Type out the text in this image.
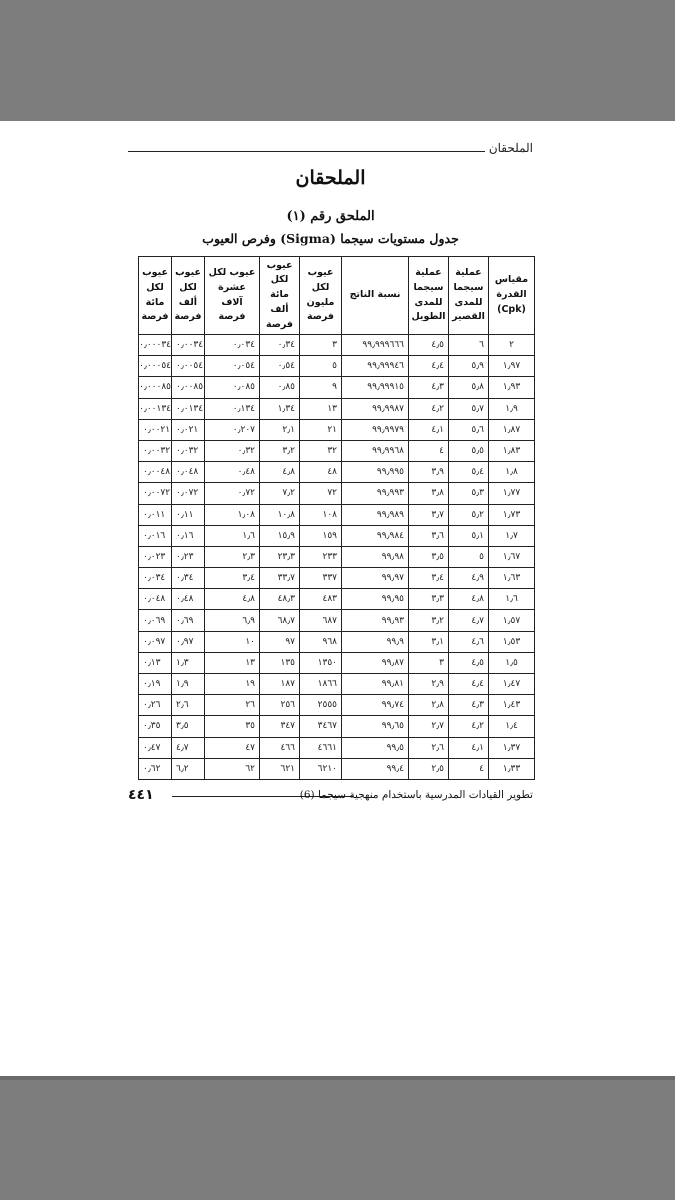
الملحقان
الملحقان
الملحق رقم (١)
جدول مستويات سيجما (Sigma) وفرص العيوب
مقياس القدرة (Cpk)	عملية سيجما للمدى القصير	عملية سيجما للمدى الطويل	نسبة الناتج	عيوب لكل مليون فرصة	عيوب لكل مائة ألف فرصة	عيوب لكل عشرة آلاف فرصة	عيوب لكل ألف فرصة	عيوب لكل مائة فرصة
٢	٦	٤٫٥	٩٩٫٩٩٩٦٦٦	٣	٠٫٣٤	٠٫٠٣٤	٠٫٠٠٣٤	٠٫٠٠٠٣٤
١٫٩٧	٥٫٩	٤٫٤	٩٩٫٩٩٩٤٦	٥	٠٫٥٤	٠٫٠٥٤	٠٫٠٠٥٤	٠٫٠٠٠٥٤
١٫٩٣	٥٫٨	٤٫٣	٩٩٫٩٩٩١٥	٩	٠٫٨٥	٠٫٠٨٥	٠٫٠٠٨٥	٠٫٠٠٠٨٥
١٫٩	٥٫٧	٤٫٢	٩٩٫٩٩٨٧	١٣	١٫٣٤	٠٫١٣٤	٠٫٠١٣٤	٠٫٠٠١٣٤
١٫٨٧	٥٫٦	٤٫١	٩٩٫٩٩٧٩	٢١	٢٫١	٠٫٢٠٧	٠٫٠٢١	٠٫٠٠٢١
١٫٨٣	٥٫٥	٤	٩٩٫٩٩٦٨	٣٢	٣٫٢	٠٫٣٢	٠٫٠٣٢	٠٫٠٠٣٢
١٫٨	٥٫٤	٣٫٩	٩٩٫٩٩٥	٤٨	٤٫٨	٠٫٤٨	٠٫٠٤٨	٠٫٠٠٤٨
١٫٧٧	٥٫٣	٣٫٨	٩٩٫٩٩٣	٧٢	٧٫٢	٠٫٧٢	٠٫٠٧٢	٠٫٠٠٧٢
١٫٧٣	٥٫٢	٣٫٧	٩٩٫٩٨٩	١٠٨	١٠٫٨	١٫٠٨	٠٫١١	٠٫٠١١
١٫٧	٥٫١	٣٫٦	٩٩٫٩٨٤	١٥٩	١٥٫٩	١٫٦	٠٫١٦	٠٫٠١٦
١٫٦٧	٥	٣٫٥	٩٩٫٩٨	٢٣٣	٢٣٫٣	٢٫٣	٠٫٢٣	٠٫٠٢٣
١٫٦٣	٤٫٩	٣٫٤	٩٩٫٩٧	٣٣٧	٣٣٫٧	٣٫٤	٠٫٣٤	٠٫٠٣٤
١٫٦	٤٫٨	٣٫٣	٩٩٫٩٥	٤٨٣	٤٨٫٣	٤٫٨	٠٫٤٨	٠٫٠٤٨
١٫٥٧	٤٫٧	٣٫٢	٩٩٫٩٣	٦٨٧	٦٨٫٧	٦٫٩	٠٫٦٩	٠٫٠٦٩
١٫٥٣	٤٫٦	٣٫١	٩٩٫٩	٩٦٨	٩٧	١٠	٠٫٩٧	٠٫٠٩٧
١٫٥	٤٫٥	٣	٩٩٫٨٧	١٣٥٠	١٣٥	١٣	١٫٣	٠٫١٣
١٫٤٧	٤٫٤	٢٫٩	٩٩٫٨١	١٨٦٦	١٨٧	١٩	١٫٩	٠٫١٩
١٫٤٣	٤٫٣	٢٫٨	٩٩٫٧٤	٢٥٥٥	٢٥٦	٢٦	٢٫٦	٠٫٢٦
١٫٤	٤٫٢	٢٫٧	٩٩٫٦٥	٣٤٦٧	٣٤٧	٣٥	٣٫٥	٠٫٣٥
١٫٣٧	٤٫١	٢٫٦	٩٩٫٥	٤٦٦١	٤٦٦	٤٧	٤٫٧	٠٫٤٧
١٫٣٣	٤	٢٫٥	٩٩٫٤	٦٢١٠	٦٢١	٦٢	٦٫٢	٠٫٦٢
٤٤١	تطوير القيادات المدرسية باستخدام منهجية سيجما (6)
